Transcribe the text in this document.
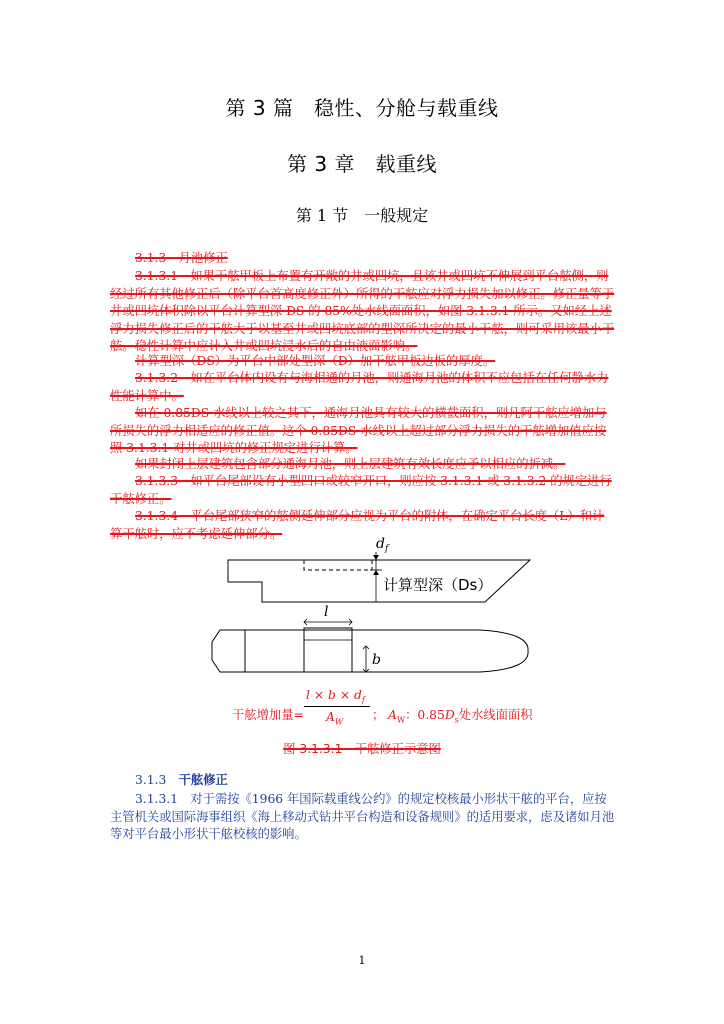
第 3 篇　稳性、分舱与载重线
第 3 章　载重线
第 1 节　一般规定
3.1.3　月池修正
3.1.3.1　如果干舷甲板上布置有开敞的井或凹坑，且该井或凹坑不伸展到平台舷侧，则经过所有其他修正后（除平台首高度修正外）所得的干舷应对浮力损失加以修正。修正量等于井或凹坑体积除以平台计算型深 DS 的 85%处水线面面积，如图 3.1.3.1 所示。又如经上述浮力损失修正后的干舷大于以基至井或凹坑底部的型深所决定的最小干舷，则可采用该最小干舷。稳性计算中应计入井或凹坑浸水后的自由液面影响。
计算型深（DS）为平台中部处型深（D）加干舷甲板边板的厚度。
3.1.3.2　如在平台体内设有与海相通的月池，则通海月池的体积不应包括在任何静水力性能计算中。
如在 0.85DS 水线以上较之其下，通海月池具有较大的横截面积，则凡阿干舷应增加与所损失的浮力相适应的修正值。这个 0.85DS 水线以上超过部分浮力损失的干舷增加值应按照 3.1.3.1 对井或凹坑的修正规定进行计算。
如果封闭上层建筑包含部分通海月池，则上层建筑有效长度应予以相应的折减。
3.1.3.3　如平台尾部设有小型凹口或较窄开口，则应按 3.1.3.1 或 3.1.3.2 的规定进行干舷修正。
3.1.3.4　平台尾部狭窄的舷侧延伸部分应视为平台的附体，在确定平台长度（L）和计算干舷时，应不考虑延伸部分。
$d_f$
计算型深（Ds）
l
b
干舷增加量=
$l \times b \times d_f$
$A_W$ ； $A_W$：$0.85D_s$处水线面面积
图 3.1.3.1　干舷修正示意图
3.1.3　 干舷修正
3.1.3.1　对于需按《1966 年国际载重线公约》的规定校核最小形状干舷的平台，应按主管机关或国际海事组织《海上移动式钻井平台构造和设备规则》的适用要求，虑及诸如月池等对平台最小形状干舷校核的影响。
1
